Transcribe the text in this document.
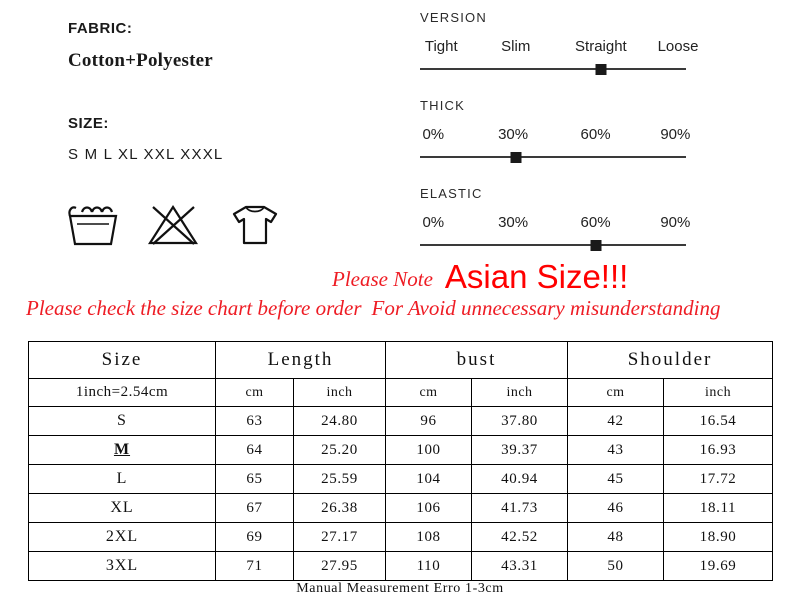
FABRIC:
Cotton+Polyester
SIZE:
S M L XL XXL XXXL
VERSION
Tight	Slim	Straight Loose
THICK
0%	30%	60%	90%
ELASTIC
0%	30%	60%	90%
Please Note Asian Size!!!
Please check the size chart before order For Avoid unnecessary misunderstanding
Size	Length		bust		Shoulder	
1inch=2.54cm	cm	inch	cm	inch	cm	inch
S	63	24.80	96	37.80	42	16.54
M	64	25.20	100	39.37	43	16.93
L	65	25.59	104	40.94	45	17.72
XL	67	26.38	106	41.73	46	18.11
2XL	69	27.17	108	42.52	48	18.90
3XL	71	27.95	110	43.31	50	19.69
Manual Measurement Erro 1-3cm
